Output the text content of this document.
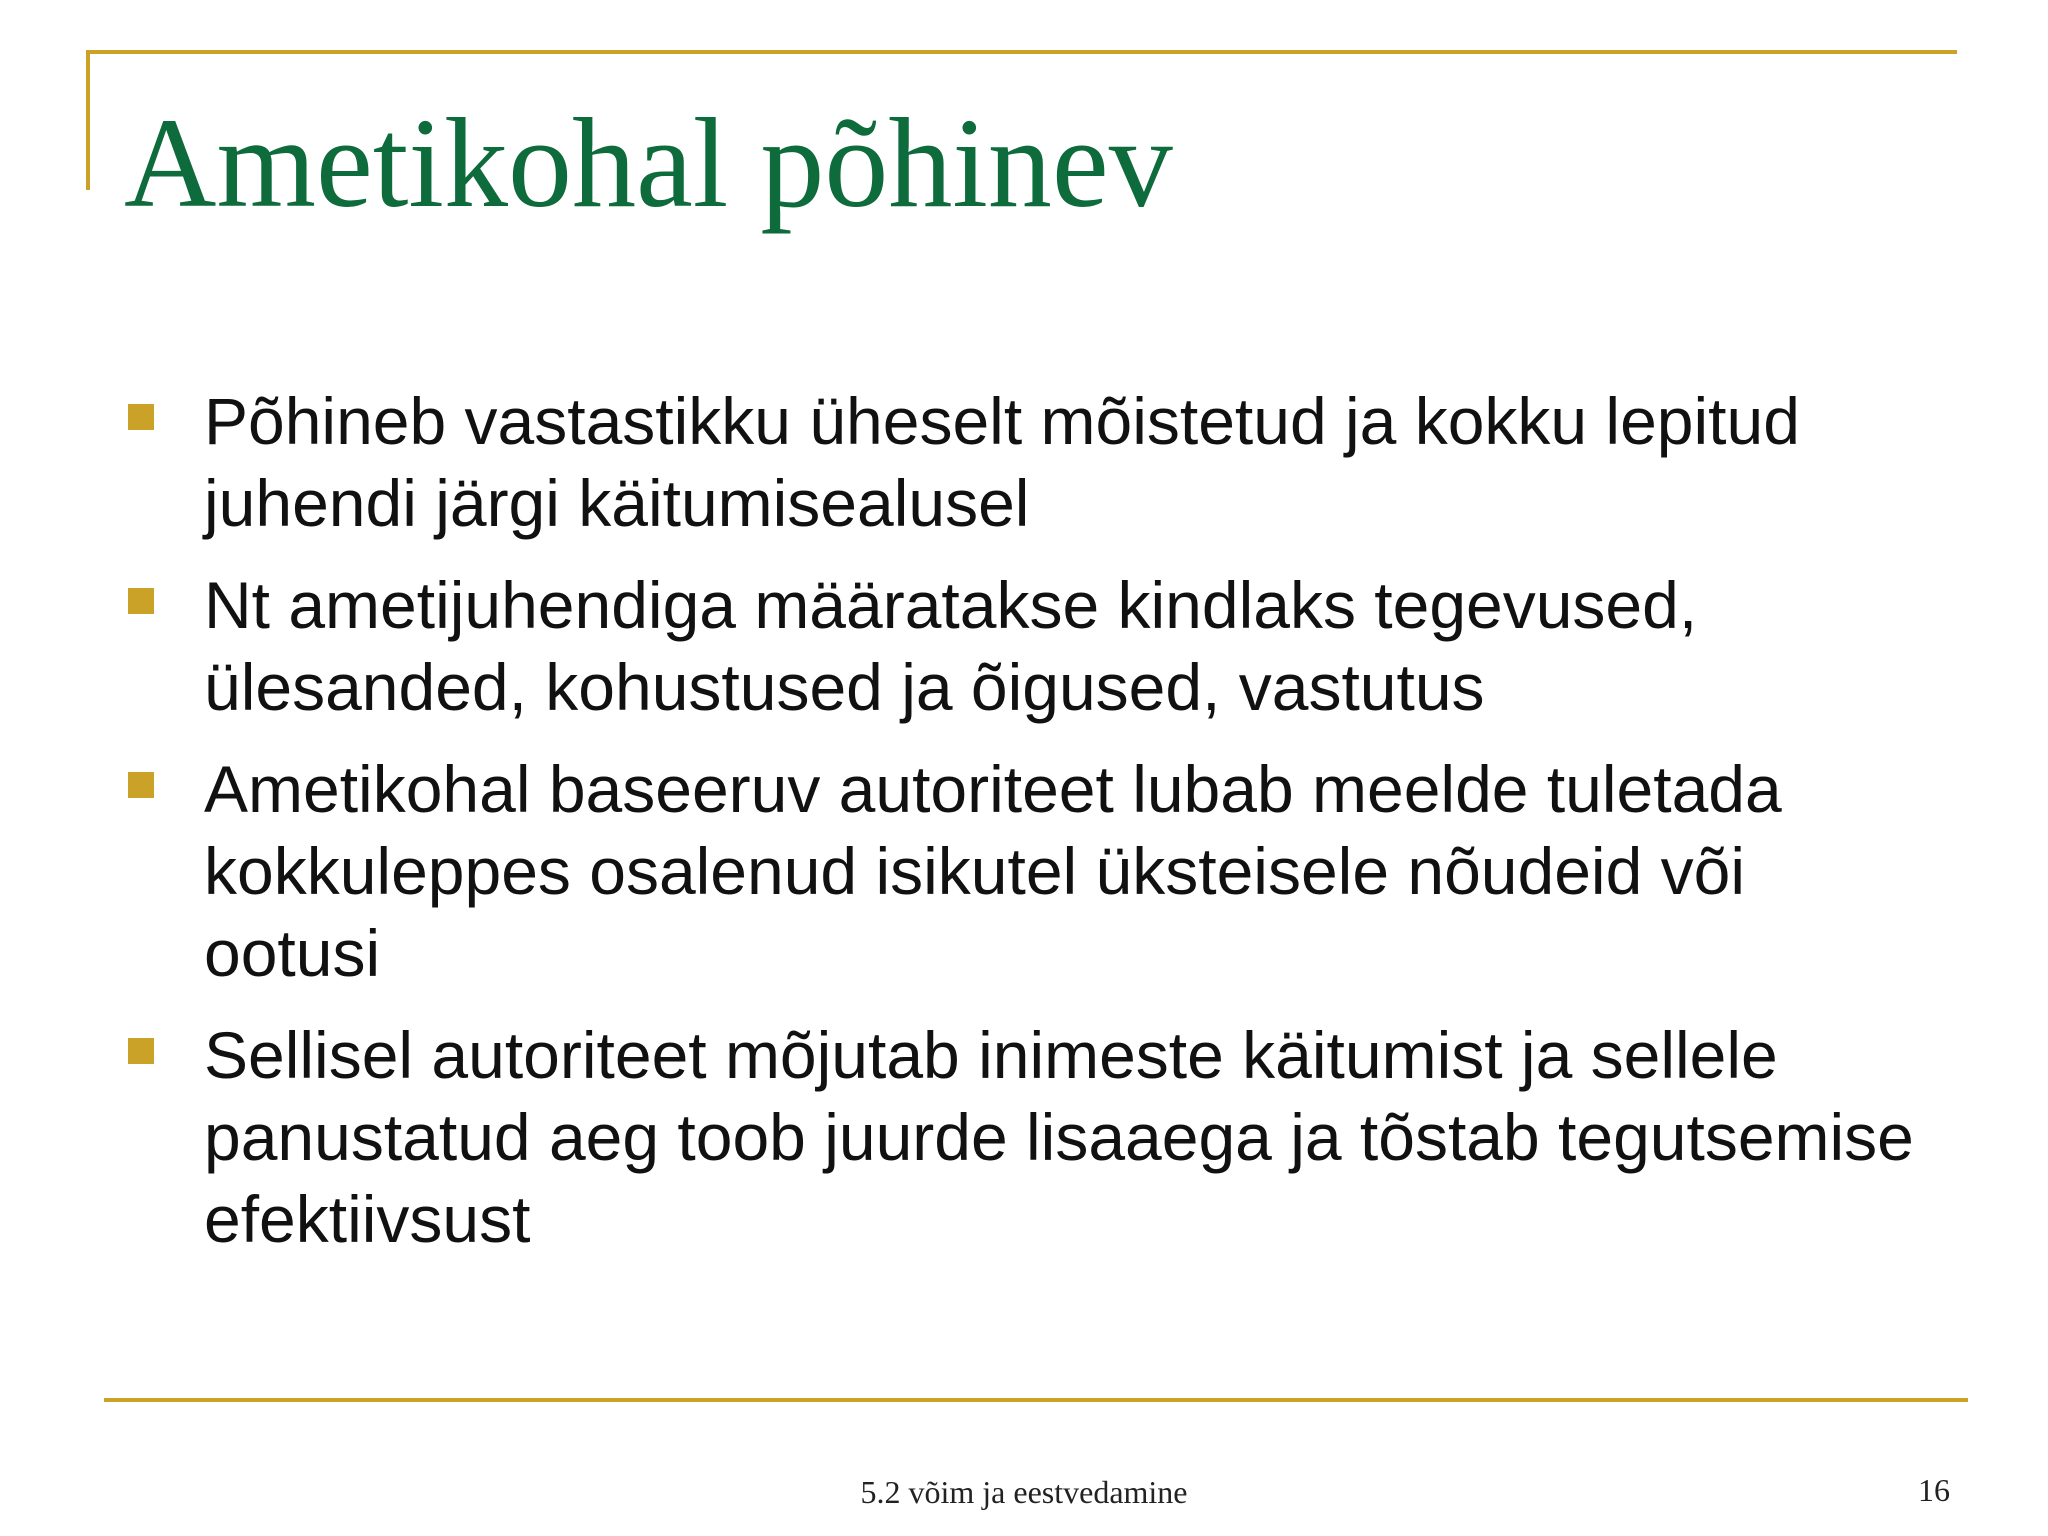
Ametikohal põhinev
Põhineb vastastikku üheselt mõistetud ja kokku lepitud juhendi järgi käitumisealusel
Nt ametijuhendiga määratakse kindlaks tegevused, ülesanded, kohustused ja õigused, vastutus
Ametikohal baseeruv autoriteet lubab meelde tuletada kokkuleppes osalenud isikutel üksteisele nõudeid või ootusi
Sellisel autoriteet mõjutab inimeste käitumist ja sellele panustatud aeg toob juurde lisaaega ja tõstab tegutsemise efektiivsust
5.2 võim ja eestvedamine	16
